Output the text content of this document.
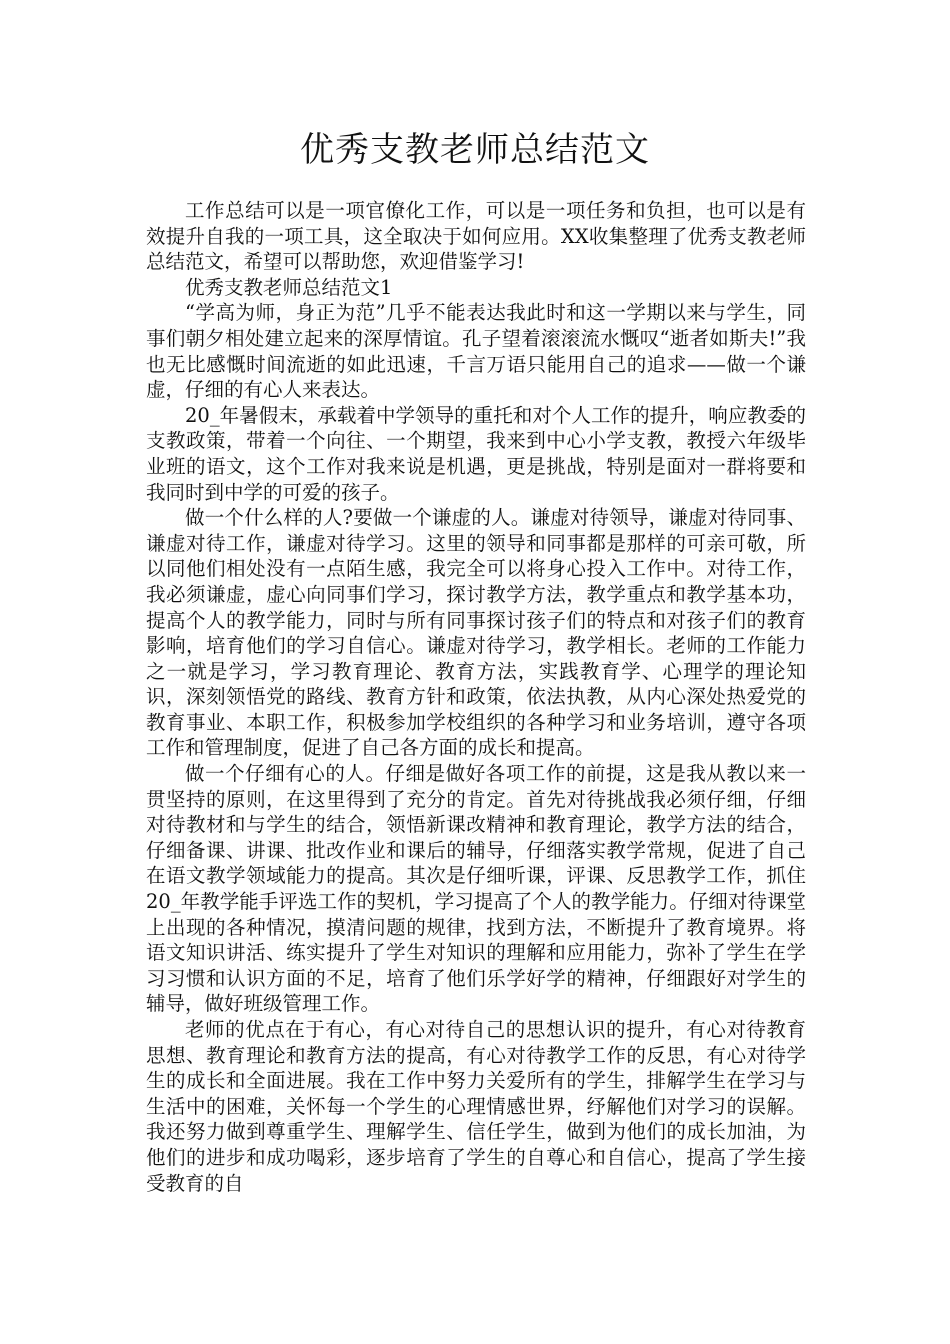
优秀支教老师总结范文

工作总结可以是一项官僚化工作，可以是一项任务和负担，也可以是有效提升自我的一项工具，这全取决于如何应用。XX收集整理了优秀支教老师总结范文，希望可以帮助您，欢迎借鉴学习!

优秀支教老师总结范文1

“学高为师，身正为范”几乎不能表达我此时和这一学期以来与学生，同事们朝夕相处建立起来的深厚情谊。孔子望着滚滚流水慨叹“逝者如斯夫!”我也无比感慨时间流逝的如此迅速，千言万语只能用自己的追求——做一个谦虚，仔细的有心人来表达。

20_年暑假末，承载着中学领导的重托和对个人工作的提升，响应教委的支教政策，带着一个向往、一个期望，我来到中心小学支教，教授六年级毕业班的语文，这个工作对我来说是机遇，更是挑战，特别是面对一群将要和我同时到中学的可爱的孩子。

做一个什么样的人?要做一个谦虚的人。谦虚对待领导，谦虚对待同事、谦虚对待工作，谦虚对待学习。这里的领导和同事都是那样的可亲可敬，所以同他们相处没有一点陌生感，我完全可以将身心投入工作中。对待工作，我必须谦虚，虚心向同事们学习，探讨教学方法，教学重点和教学基本功，提高个人的教学能力，同时与所有同事探讨孩子们的特点和对孩子们的教育影响，培育他们的学习自信心。谦虚对待学习，教学相长。老师的工作能力之一就是学习，学习教育理论、教育方法，实践教育学、心理学的理论知识，深刻领悟党的路线、教育方针和政策，依法执教，从内心深处热爱党的教育事业、本职工作，积极参加学校组织的各种学习和业务培训，遵守各项工作和管理制度，促进了自己各方面的成长和提高。

做一个仔细有心的人。仔细是做好各项工作的前提，这是我从教以来一贯坚持的原则，在这里得到了充分的肯定。首先对待挑战我必须仔细，仔细对待教材和与学生的结合，领悟新课改精神和教育理论，教学方法的结合，仔细备课、讲课、批改作业和课后的辅导，仔细落实教学常规，促进了自己在语文教学领域能力的提高。其次是仔细听课，评课、反思教学工作，抓住20_年教学能手评选工作的契机，学习提高了个人的教学能力。仔细对待课堂上出现的各种情况，摸清问题的规律，找到方法，不断提升了教育境界。将语文知识讲活、练实提升了学生对知识的理解和应用能力，弥补了学生在学习习惯和认识方面的不足，培育了他们乐学好学的精神，仔细跟好对学生的辅导，做好班级管理工作。

老师的优点在于有心，有心对待自己的思想认识的提升，有心对待教育思想、教育理论和教育方法的提高，有心对待教学工作的反思，有心对待学生的成长和全面进展。我在工作中努力关爱所有的学生，排解学生在学习与生活中的困难，关怀每一个学生的心理情感世界，纾解他们对学习的误解。我还努力做到尊重学生、理解学生、信任学生，做到为他们的成长加油，为他们的进步和成功喝彩，逐步培育了学生的自尊心和自信心，提高了学生接受教育的自
